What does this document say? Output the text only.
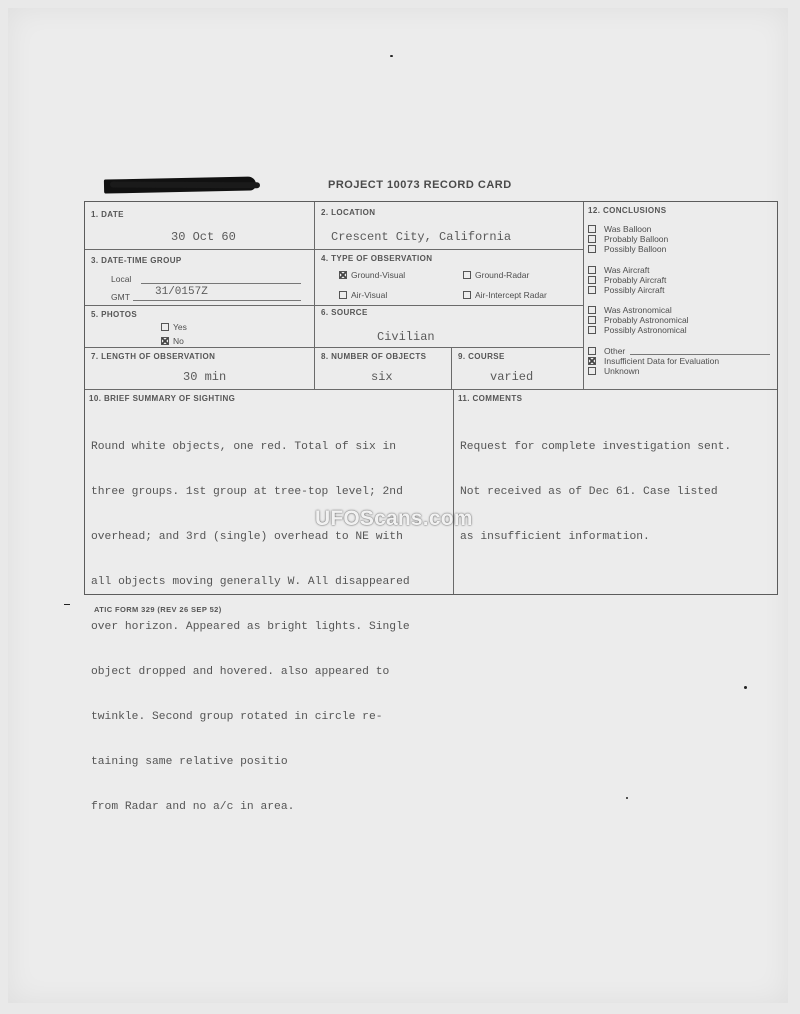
PROJECT 10073 RECORD CARD
1. DATE
30 Oct 60
2. LOCATION
Crescent City, California
3. DATE-TIME GROUP
Local
GMT 31/0157Z
4. TYPE OF OBSERVATION
Ground-Visual	Ground-Radar
Air-Visual	Air-Intercept Radar
5. PHOTOS
Yes
No
6. SOURCE
Civilian
7. LENGTH OF OBSERVATION
30 min
8. NUMBER OF OBJECTS
six
9. COURSE
varied
12. CONCLUSIONS
Was Balloon
Probably Balloon
Possibly Balloon
Was Aircraft
Probably Aircraft
Possibly Aircraft
Was Astronomical
Probably Astronomical
Possibly Astronomical
Other
Insufficient Data for Evaluation
Unknown
10. BRIEF SUMMARY OF SIGHTING

Round white objects, one red. Total of six in

three groups. 1st group at tree-top level; 2nd

overhead; and 3rd (single) overhead to NE with

all objects moving generally W. All disappeared

over horizon. Appeared as bright lights. Single

object dropped and hovered. also appeared to

twinkle. Second group rotated in circle re-

taining same relative positio

from Radar and no a/c in area.

11. COMMENTS

Request for complete investigation sent.

Not received as of Dec 61. Case listed

as insufficient information.

UFOScans.com
ATIC FORM 329 (REV 26 SEP 52)
